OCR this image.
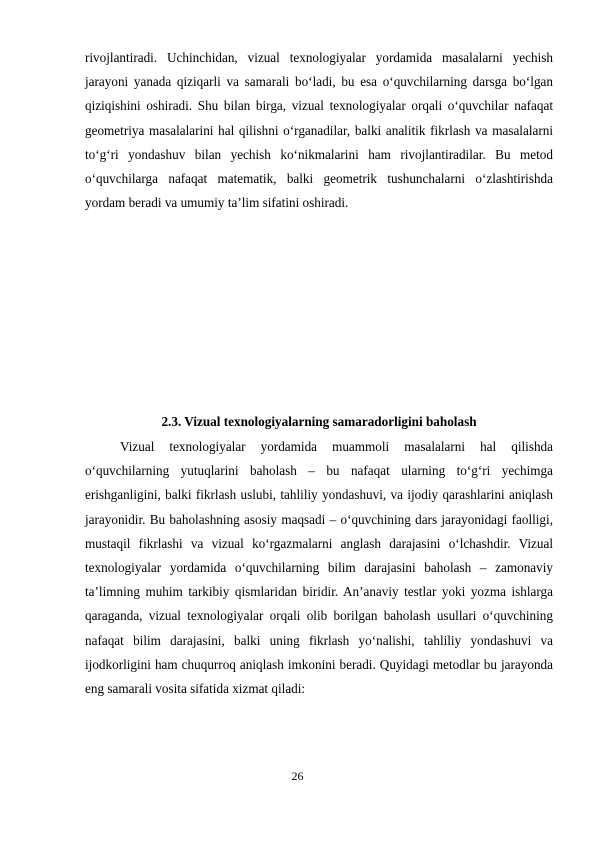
rivojlantiradi. Uchinchidan, vizual texnologiyalar yordamida masalalarni yechish jarayoni yanada qiziqarli va samarali bo‘ladi, bu esa o‘quvchilarning darsga bo‘lgan qiziqishini oshiradi. Shu bilan birga, vizual texnologiyalar orqali o‘quvchilar nafaqat geometriya masalalarini hal qilishni o‘rganadilar, balki analitik fikrlash va masalalarni to‘g‘ri yondashuv bilan yechish ko‘nikmalarini ham rivojlantiradilar. Bu metod o‘quvchilarga nafaqat matematik, balki geometrik tushunchalarni o‘zlashtirishda yordam beradi va umumiy ta’lim sifatini oshiradi.

2.3. Vizual texnologiyalarning samaradorligini baholash

Vizual texnologiyalar yordamida muammoli masalalarni hal qilishda o‘quvchilarning yutuqlarini baholash – bu nafaqat ularning to‘g‘ri yechimga erishganligini, balki fikrlash uslubi, tahliliy yondashuvi, va ijodiy qarashlarini aniqlash jarayonidir. Bu baholashning asosiy maqsadi – o‘quvchining dars jarayonidagi faolligi, mustaqil fikrlashi va vizual ko‘rgazmalarni anglash darajasini o‘lchashdir. Vizual texnologiyalar yordamida o‘quvchilarning bilim darajasini baholash – zamonaviy ta’limning muhim tarkibiy qismlaridan biridir. An’anaviy testlar yoki yozma ishlarga qaraganda, vizual texnologiyalar orqali olib borilgan baholash usullari o‘quvchining nafaqat bilim darajasini, balki uning fikrlash yo‘nalishi, tahliliy yondashuvi va ijodkorligini ham chuqurroq aniqlash imkonini beradi. Quyidagi metodlar bu jarayonda eng samarali vosita sifatida xizmat qiladi:

26
